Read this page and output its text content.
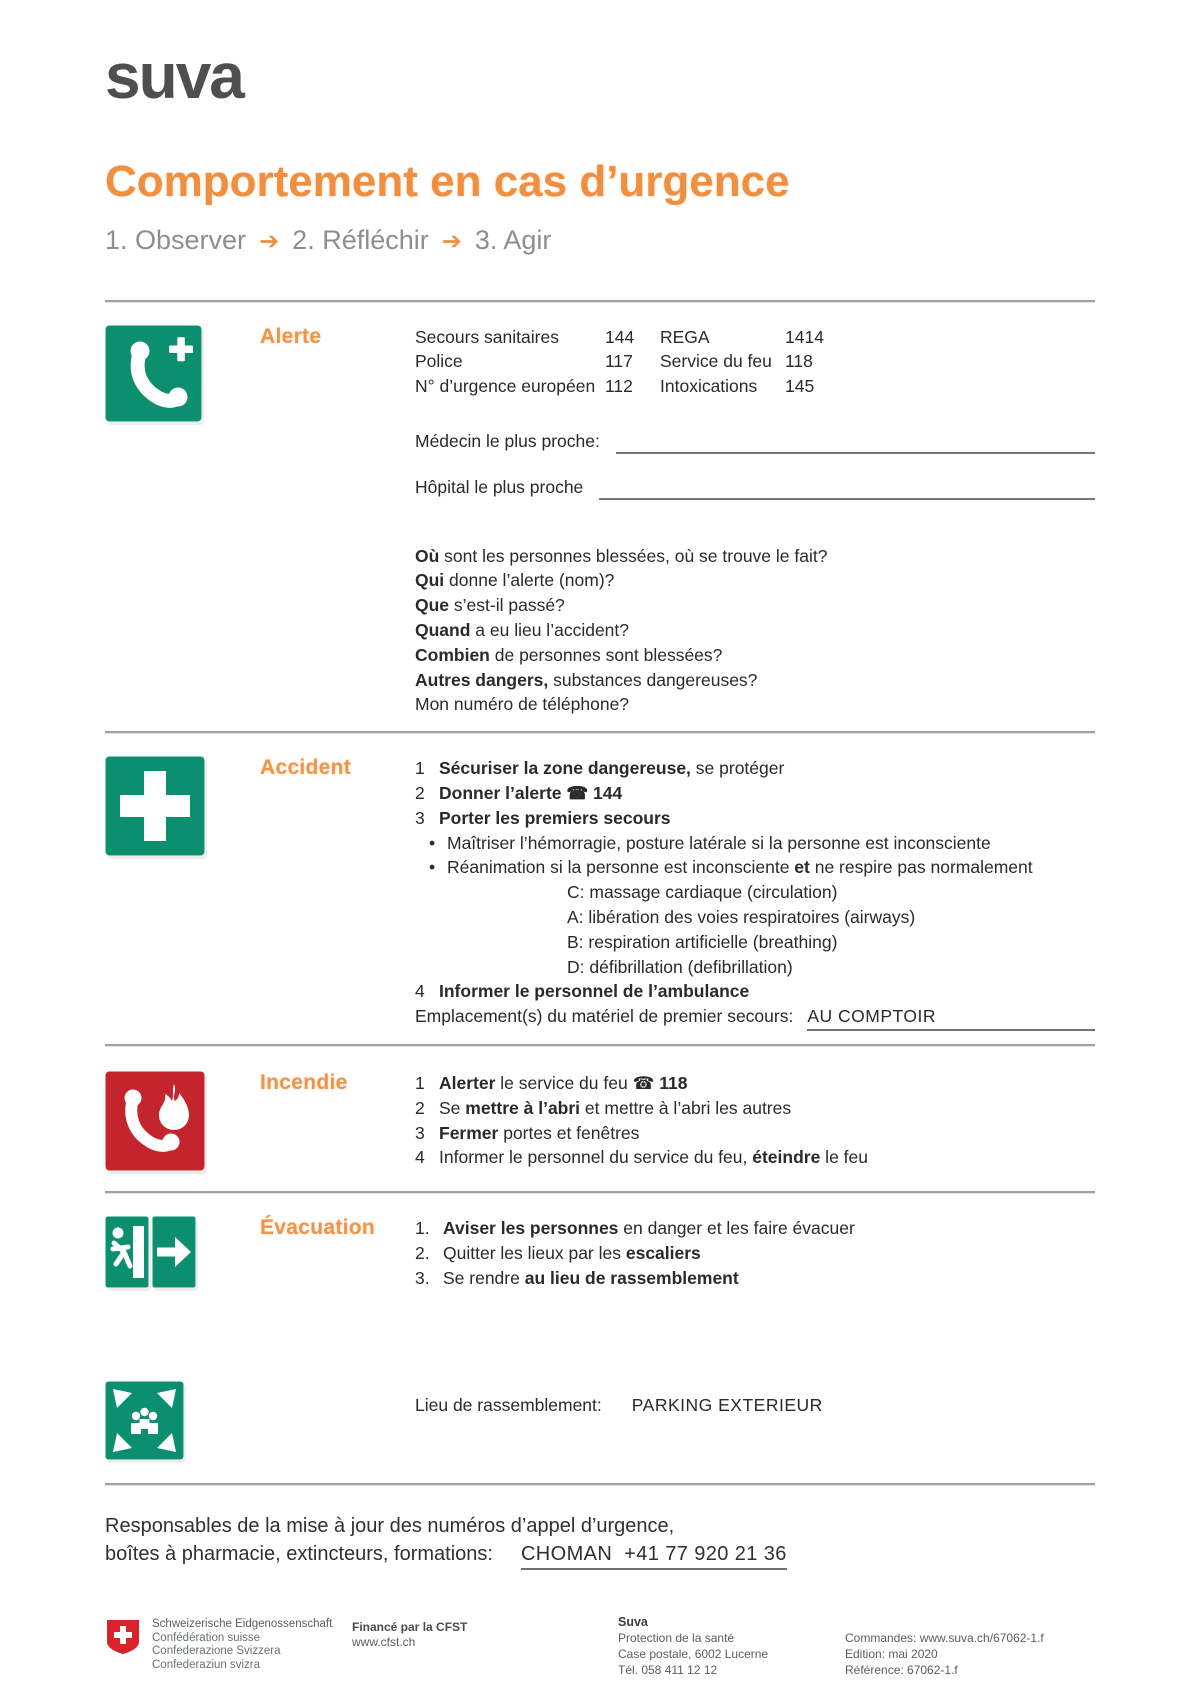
suva
Comportement en cas d’urgence
1. Observer ➔ 2. Réfléchir ➔ 3. Agir
Alerte	Secours sanitaires	144	REGA	1414
Police	117	Service du feu 118
N° d’urgence européen 112	Intoxications	145
Médecin le plus proche:
Hôpital le plus proche
Où sont les personnes blessées, où se trouve le fait?
Qui donne l’alerte (nom)?
Que s’est-il passé?
Quand a eu lieu l’accident?
Combien de personnes sont blessées?
Autres dangers, substances dangereuses?
Mon numéro de téléphone?
Accident	1 Sécuriser la zone dangereuse, se protéger
2 Donner l’alerte ☎ 144
3 Porter les premiers secours
• Maîtriser l’hémorragie, posture latérale si la personne est inconsciente
• Réanimation si la personne est inconsciente et ne respire pas normalement
C: massage cardiaque (circulation)
A: libération des voies respiratoires (airways)
B: respiration artificielle (breathing)
D: défibrillation (defibrillation)
4 Informer le personnel de l’ambulance
Emplacement(s) du matériel de premier secours: AU COMPTOIR
Incendie	1 Alerter le service du feu ☎ 118
2 Se mettre à l’abri et mettre à l’abri les autres
3 Fermer portes et fenêtres
4 Informer le personnel du service du feu, éteindre le feu
Évacuation	1. Aviser les personnes en danger et les faire évacuer
2. Quitter les lieux par les escaliers
3. Se rendre au lieu de rassemblement
Lieu de rassemblement: PARKING EXTERIEUR
Responsables de la mise à jour des numéros d’appel d’urgence,
boîtes à pharmacie, extincteurs, formations: CHOMAN  +41 77 920 21 36
Schweizerische Eidgenossenschaft
Confédération suisse
Confederazione Svizzera
Confederaziun svizra
Financé par la CFST
www.cfst.ch
Suva
Protection de la santé
Case postale, 6002 Lucerne
Tél. 058 411 12 12
Commandes: www.suva.ch/67062-1.f
Edition: mai 2020
Référence: 67062-1.f
